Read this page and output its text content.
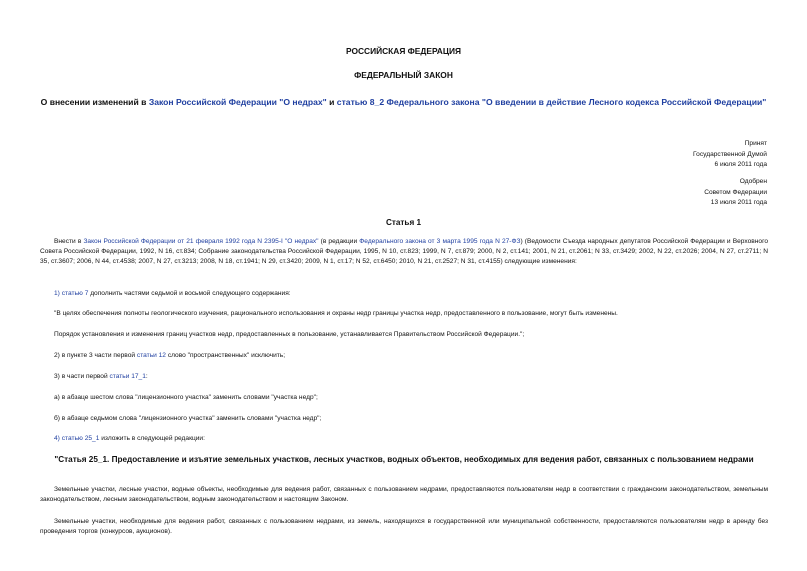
РОССИЙСКАЯ ФЕДЕРАЦИЯ
ФЕДЕРАЛЬНЫЙ ЗАКОН
О внесении изменений в Закон Российской Федерации "О недрах" и статью 8_2 Федерального закона "О введении в действие Лесного кодекса Российской Федерации"
Принят
Государственной Думой
6 июля 2011 года
Одобрен
Советом Федерации
13 июля 2011 года
Статья 1
Внести в Закон Российской Федерации от 21 февраля 1992 года N 2395-I "О недрах" (в редакции Федерального закона от 3 марта 1995 года N 27-ФЗ) (Ведомости Съезда народных депутатов Российской Федерации и Верховного Совета Российской Федерации, 1992, N 16, ст.834; Собрание законодательства Российской Федерации, 1995, N 10, ст.823; 1999, N 7, ст.879; 2000, N 2, ст.141; 2001, N 21, ст.2061; N 33, ст.3429; 2002, N 22, ст.2026; 2004, N 27, ст.2711; N 35, ст.3607; 2006, N 44, ст.4538; 2007, N 27, ст.3213; 2008, N 18, ст.1941; N 29, ст.3420; 2009, N 1, ст.17; N 52, ст.6450; 2010, N 21, ст.2527; N 31, ст.4155) следующие изменения:
1) статью 7 дополнить частями седьмой и восьмой следующего содержания:
"В целях обеспечения полноты геологического изучения, рационального использования и охраны недр границы участка недр, предоставленного в пользование, могут быть изменены.
Порядок установления и изменения границ участков недр, предоставленных в пользование, устанавливается Правительством Российской Федерации.";
2) в пункте 3 части первой статьи 12 слово "пространственных" исключить;
3) в части первой статьи 17_1:
а) в абзаце шестом слова "лицензионного участка" заменить словами "участка недр";
б) в абзаце седьмом слова "лицензионного участка" заменить словами "участка недр";
4) статью 25_1 изложить в следующей редакции:
"Статья 25_1. Предоставление и изъятие земельных участков, лесных участков, водных объектов, необходимых для ведения работ, связанных с пользованием недрами
Земельные участки, лесные участки, водные объекты, необходимые для ведения работ, связанных с пользованием недрами, предоставляются пользователям недр в соответствии с гражданским законодательством, земельным законодательством, лесным законодательством, водным законодательством и настоящим Законом.
Земельные участки, необходимые для ведения работ, связанных с пользованием недрами, из земель, находящихся в государственной или муниципальной собственности, предоставляются пользователям недр в аренду без проведения торгов (конкурсов, аукционов).
